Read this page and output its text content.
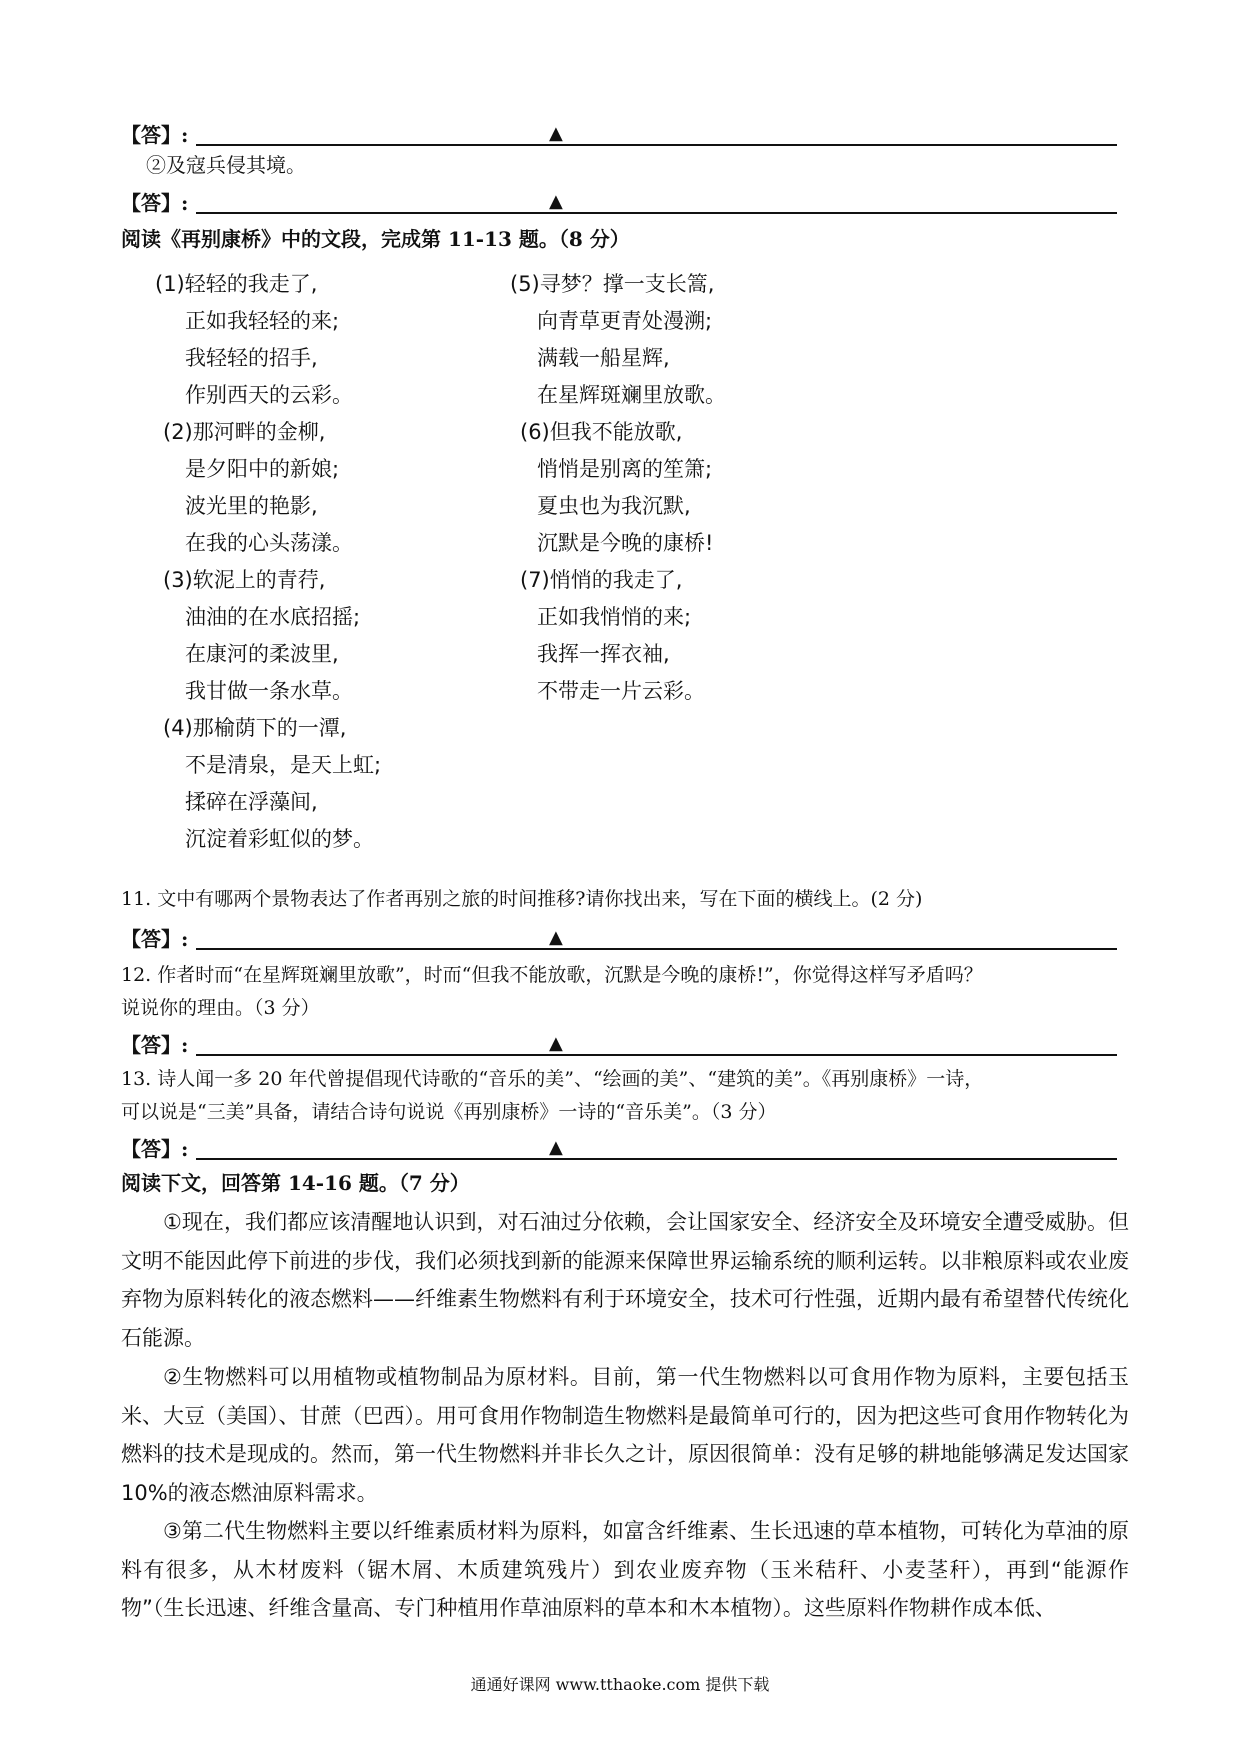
【答】:	▲
②及寇兵侵其境。
【答】:	▲
阅读《再别康桥》中的文段，完成第 11-13 题。（8 分）
(1)轻轻的我走了,
正如我轻轻的来;
我轻轻的招手,
作别西天的云彩。
(2)那河畔的金柳,
是夕阳中的新娘;
波光里的艳影,
在我的心头荡漾。
(3)软泥上的青荇,
油油的在水底招摇;
在康河的柔波里,
我甘做一条水草。
(4)那榆荫下的一潭,
不是清泉，是天上虹;
揉碎在浮藻间,
沉淀着彩虹似的梦。
(5)寻梦？撑一支长篙,
向青草更青处漫溯;
满载一船星辉,
在星辉斑斓里放歌。
(6)但我不能放歌,
悄悄是别离的笙箫;
夏虫也为我沉默,
沉默是今晚的康桥!
(7)悄悄的我走了,
正如我悄悄的来;
我挥一挥衣袖,
不带走一片云彩。
11. 文中有哪两个景物表达了作者再别之旅的时间推移?请你找出来，写在下面的横线上。(2 分)
【答】:	▲
12. 作者时而“在星辉斑斓里放歌”，时而“但我不能放歌，沉默是今晚的康桥!”，你觉得这样写矛盾吗？
说说你的理由。（3 分）
【答】:	▲
13. 诗人闻一多 20 年代曾提倡现代诗歌的“音乐的美”、“绘画的美”、“建筑的美”。《再别康桥》一诗，
可以说是“三美”具备，请结合诗句说说《再别康桥》一诗的“音乐美”。（3 分）
【答】:	▲
阅读下文，回答第 14-16 题。（7 分）
①现在，我们都应该清醒地认识到，对石油过分依赖，会让国家安全、经济安全及环境安全遭受威胁。但文明不能因此停下前进的步伐，我们必须找到新的能源来保障世界运输系统的顺利运转。以非粮原料或农业废弃物为原料转化的液态燃料——纤维素生物燃料有利于环境安全，技术可行性强，近期内最有希望替代传统化石能源。
②生物燃料可以用植物或植物制品为原材料。目前，第一代生物燃料以可食用作物为原料，主要包括玉米、大豆（美国）、甘蔗（巴西）。用可食用作物制造生物燃料是最简单可行的，因为把这些可食用作物转化为燃料的技术是现成的。然而，第一代生物燃料并非长久之计，原因很简单：没有足够的耕地能够满足发达国家 10%的液态燃油原料需求。
③第二代生物燃料主要以纤维素质材料为原料，如富含纤维素、生长迅速的草本植物，可转化为草油的原料有很多，从木材废料（锯木屑、木质建筑残片）到农业废弃物（玉米秸秆、小麦茎秆），再到“能源作物”（生长迅速、纤维含量高、专门种植用作草油原料的草本和木本植物）。这些原料作物耕作成本低、
通通好课网 www.tthaoke.com 提供下载
